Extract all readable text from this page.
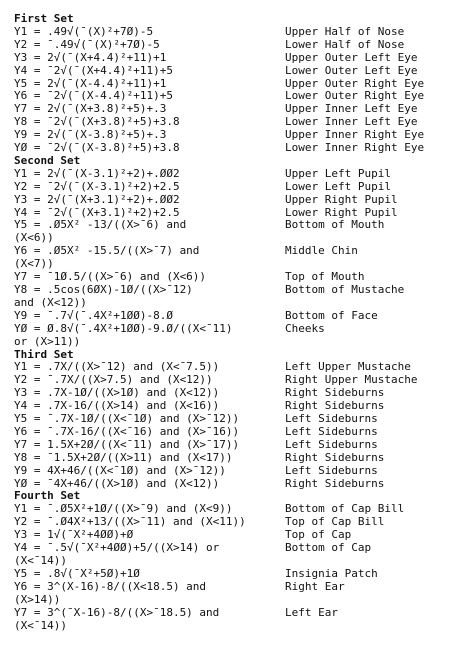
First Set
Y1 = .49√(¯(X)²+7Ø)-5	Upper Half of Nose
Y2 = ¯.49√(¯(X)²+7Ø)-5	Lower Half of Nose
Y3 = 2√(¯(X+4.4)²+11)+1	Upper Outer Left Eye
Y4 = ¯2√(¯(X+4.4)²+11)+5	Lower Outer Left Eye
Y5 = 2√(¯(X-4.4)²+11)+1	Upper Outer Right Eye
Y6 = ¯2√(¯(X-4.4)²+11)+5	Lower Outer Right Eye
Y7 = 2√(¯(X+3.8)²+5)+.3	Upper Inner Left Eye
Y8 = ¯2√(¯(X+3.8)²+5)+3.8	Lower Inner Left Eye
Y9 = 2√(¯(X-3.8)²+5)+.3	Upper Inner Right Eye
YØ = ¯2√(¯(X-3.8)²+5)+3.8	Lower Inner Right Eye
Second Set
Y1 = 2√(¯(X-3.1)²+2)+.ØØ2	Upper Left Pupil
Y2 = ¯2√(¯(X-3.1)²+2)+2.5	Lower Left Pupil
Y3 = 2√(¯(X+3.1)²+2)+.ØØ2	Upper Right Pupil
Y4 = ¯2√(¯(X+3.1)²+2)+2.5	Lower Right Pupil
Y5 = .Ø5X² -13/((X>¯6) and	Bottom of Mouth
(X<6))
Y6 = .Ø5X² -15.5/((X>¯7) and	Middle Chin
(X<7))
Y7 = ¯1Ø.5/((X>¯6) and (X<6))	Top of Mouth
Y8 = .5cos(6ØX)-1Ø/((X>¯12)	Bottom of Mustache
and (X<12))
Y9 = ¯.7√(¯.4X²+1ØØ)-8.Ø	Bottom of Face
YØ = Ø.8√(¯.4X²+1ØØ)-9.Ø/((X<¯11)	Cheeks
or (X>11))
Third Set
Y1 = .7X/((X>¯12) and (X<¯7.5))	Left Upper Mustache
Y2 = ¯.7X/((X>7.5) and (X<12))	Right Upper Mustache
Y3 = .7X-1Ø/((X>1Ø) and (X<12))	Right Sideburns
Y4 = .7X-16/((X>14) and (X<16))	Right Sideburns
Y5 = ¯.7X-1Ø/((X<¯1Ø) and (X>¯12))	Left Sideburns
Y6 = ¯.7X-16/((X<¯16) and (X>¯16))	Left Sideburns
Y7 = 1.5X+2Ø/((X<¯11) and (X>¯17))	Left Sideburns
Y8 = ¯1.5X+2Ø/((X>11) and (X<17))	Right Sideburns
Y9 = 4X+46/((X<¯1Ø) and (X>¯12))	Left Sideburns
YØ = ¯4X+46/((X>1Ø) and (X<12))	Right Sideburns
Fourth Set
Y1 = ¯.Ø5X²+1Ø/((X>¯9) and (X<9))	Bottom of Cap Bill
Y2 = ¯.Ø4X²+13/((X>¯11) and (X<11))	Top of Cap Bill
Y3 = 1√(¯X²+4ØØ)+Ø	Top of Cap
Y4 = ¯.5√(¯X²+4ØØ)+5/((X>14) or	Bottom of Cap
(X<¯14))
Y5 = .8√(¯X²+5Ø)+1Ø	Insignia Patch
Y6 = 3^(X-16)-8/((X<18.5) and	Right Ear
(X>14))
Y7 = 3^(¯X-16)-8/((X>¯18.5) and	Left Ear
(X<¯14))
